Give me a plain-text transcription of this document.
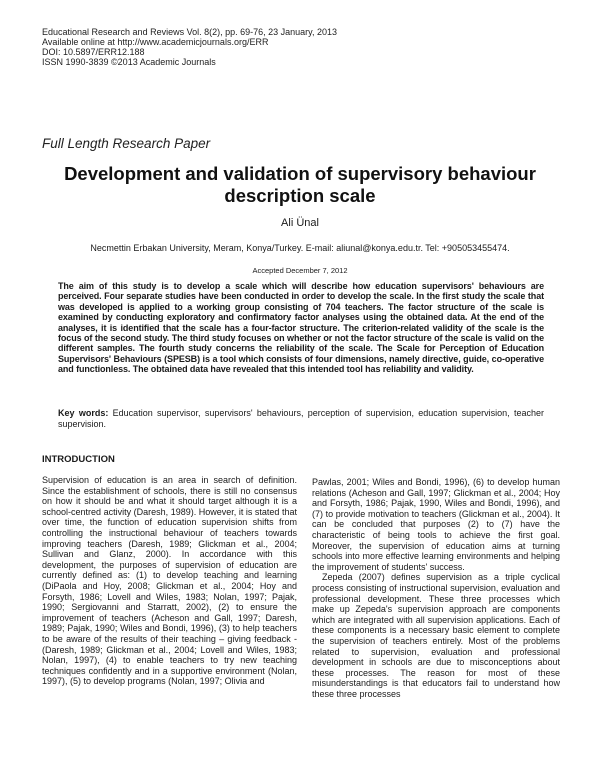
Educational Research and Reviews Vol. 8(2), pp. 69-76, 23 January, 2013
Available online at http://www.academicjournals.org/ERR
DOI: 10.5897/ERR12.188
ISSN 1990-3839 ©2013 Academic Journals
Full Length Research Paper
Development and validation of supervisory behaviour description scale
Ali Ünal
Necmettin Erbakan University, Meram, Konya/Turkey. E-mail: aliunal@konya.edu.tr. Tel: +905053455474.
Accepted December 7, 2012
The aim of this study is to develop a scale which will describe how education supervisors' behaviours are perceived. Four separate studies have been conducted in order to develop the scale. In the first study the scale that was developed is applied to a working group consisting of 704 teachers. The factor structure of the scale is examined by conducting exploratory and confirmatory factor analyses using the obtained data. At the end of the analyses, it is identified that the scale has a four-factor structure. The criterion-related validity of the scale is the focus of the second study. The third study focuses on whether or not the factor structure of the scale is valid on the different samples. The fourth study concerns the reliability of the scale. The Scale for Perception of Education Supervisors' Behaviours (SPESB) is a tool which consists of four dimensions, namely directive, guide, co-operative and functionless. The obtained data have revealed that this intended tool has reliability and validity.
Key words: Education supervisor, supervisors' behaviours, perception of supervision, education supervision, teacher supervision.
INTRODUCTION

Supervision of education is an area in search of definition. Since the establishment of schools, there is still no consensus on how it should be and what it should target although it is a school-centred activity (Daresh, 1989). However, it is stated that over time, the function of education supervision shifts from controlling the instructional behaviour of teachers towards improving teachers (Daresh, 1989; Glickman et al., 2004; Sullivan and Glanz, 2000). In accordance with this development, the purposes of supervision of education are currently defined as: (1) to develop teaching and learning (DiPaola and Hoy, 2008; Glickman et al., 2004; Hoy and Forsyth, 1986; Lovell and Wiles, 1983; Nolan, 1997; Pajak, 1990; Sergiovanni and Starratt, 2002), (2) to ensure the improvement of teachers (Acheson and Gall, 1997; Daresh, 1989; Pajak, 1990; Wiles and Bondi, 1996), (3) to help teachers to be aware of the results of their teaching – giving feedback - (Daresh, 1989; Glickman et al., 2004; Lovell and Wiles, 1983; Nolan, 1997), (4) to enable teachers to try new teaching techniques confidently and in a supportive environment (Nolan, 1997), (5) to develop programs (Nolan, 1997; Olivia and

Pawlas, 2001; Wiles and Bondi, 1996), (6) to develop human relations (Acheson and Gall, 1997; Glickman et al., 2004; Hoy and Forsyth, 1986; Pajak, 1990, Wiles and Bondi, 1996), and (7) to provide motivation to teachers (Glickman et al., 2004). It can be concluded that purposes (2) to (7) have the characteristic of being tools to achieve the first goal. Moreover, the supervision of education aims at turning schools into more effective learning environments and helping the improvement of students' success.

Zepeda (2007) defines supervision as a triple cyclical process consisting of instructional supervision, evaluation and professional development. These three processes which make up Zepeda's supervision approach are components which are integrated with all supervision applications. Each of these components is a necessary basic element to complete the supervision of teachers entirely. Most of the problems related to supervision, evaluation and professional development in schools are due to misconceptions about these processes. The reason for most of these misunderstandings is that educators fail to understand how these three processes
